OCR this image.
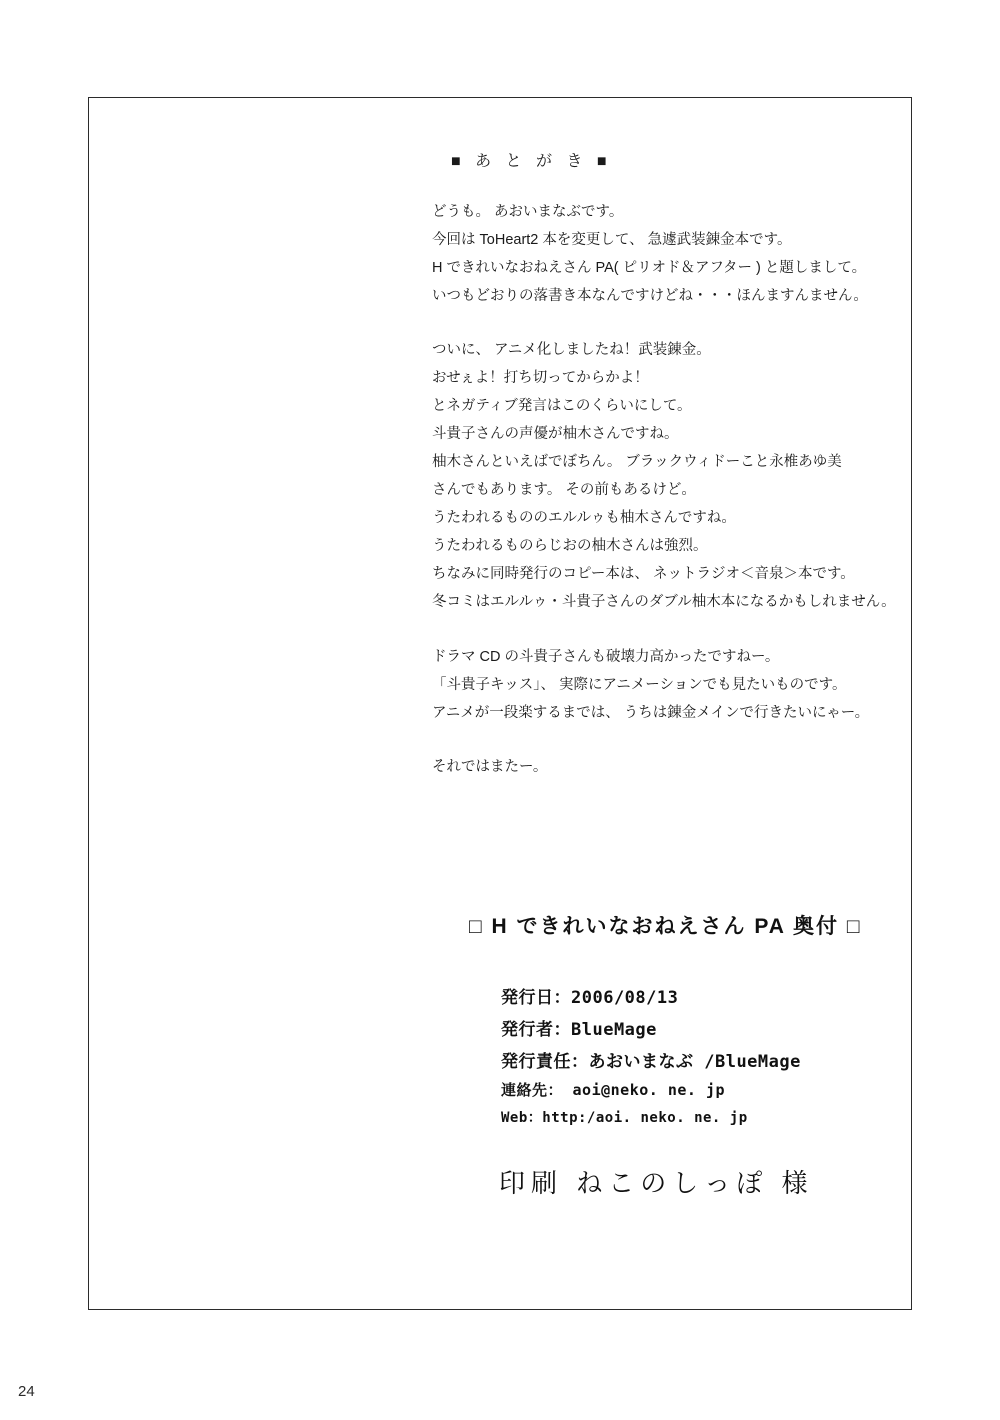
■ あ と が き ■

どうも。 あおいまなぶです。

今回は ToHeart2 本を変更して、 急遽武装錬金本です。

H できれいなおねえさん PA( ピリオド＆アフター ) と題しまして。

いつもどおりの落書き本なんですけどね・・・ほんますんません。

ついに、 アニメ化しましたね！武装錬金。

おせぇよ！打ち切ってからかよ！

とネガティブ発言はこのくらいにして。

斗貴子さんの声優が柚木さんですね。

柚木さんといえばでぼちん。 ブラックウィドーこと永椎あゆ美

さんでもあります。 その前もあるけど。

うたわれるもののエルルゥも柚木さんですね。

うたわれるものらじおの柚木さんは強烈。

ちなみに同時発行のコピー本は、 ネットラジオ＜音泉＞本です。

冬コミはエルルゥ・斗貴子さんのダブル柚木本になるかもしれません。

ドラマ CD の斗貴子さんも破壊力高かったですねー。

「斗貴子キッス」、 実際にアニメーションでも見たいものです。

アニメが一段楽するまでは、 うちは錬金メインで行きたいにゃー。

それではまたー。

□ H できれいなおねえさん PA 奥付 □
発行日：2006/08/13
発行者：BlueMage
発行責任：あおいまなぶ /BlueMage
連絡先： aoi@neko. ne. jp
Web：http:/aoi. neko. ne. jp
印刷 ねこのしっぽ 様
24
